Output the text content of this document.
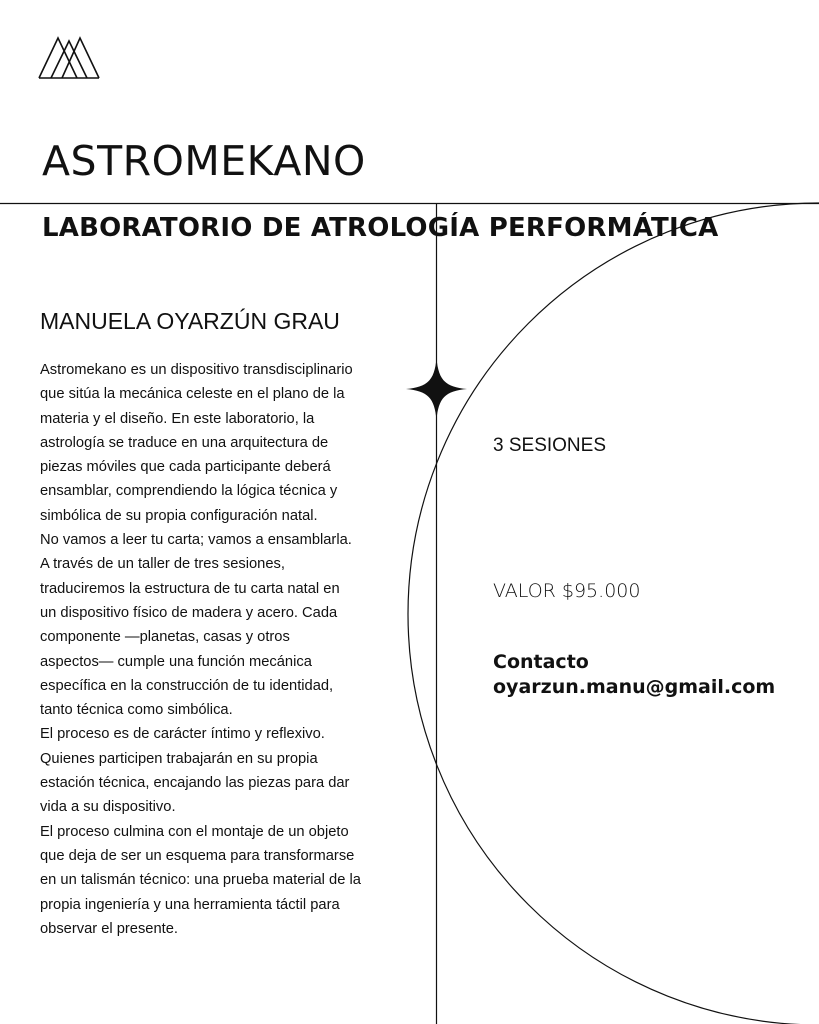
ASTROMEKANO
LABORATORIO DE ATROLOGÍA PERFORMÁTICA
MANUELA OYARZÚN GRAU
Astromekano es un dispositivo transdisciplinario
que sitúa la mecánica celeste en el plano de la
materia y el diseño. En este laboratorio, la
astrología se traduce en una arquitectura de
piezas móviles que cada participante deberá
ensamblar, comprendiendo la lógica técnica y
simbólica de su propia configuración natal.
No vamos a leer tu carta; vamos a ensamblarla.
A través de un taller de tres sesiones,
traduciremos la estructura de tu carta natal en
un dispositivo físico de madera y acero. Cada
componente —planetas, casas y otros
aspectos— cumple una función mecánica
específica en la construcción de tu identidad,
tanto técnica como simbólica.
El proceso es de carácter íntimo y reflexivo.
Quienes participen trabajarán en su propia
estación técnica, encajando las piezas para dar
vida a su dispositivo.
El proceso culmina con el montaje de un objeto
que deja de ser un esquema para transformarse
en un talismán técnico: una prueba material de la
propia ingeniería y una herramienta táctil para
observar el presente.
3 SESIONES
VALOR $95.000
Contacto
oyarzun.manu@gmail.com
